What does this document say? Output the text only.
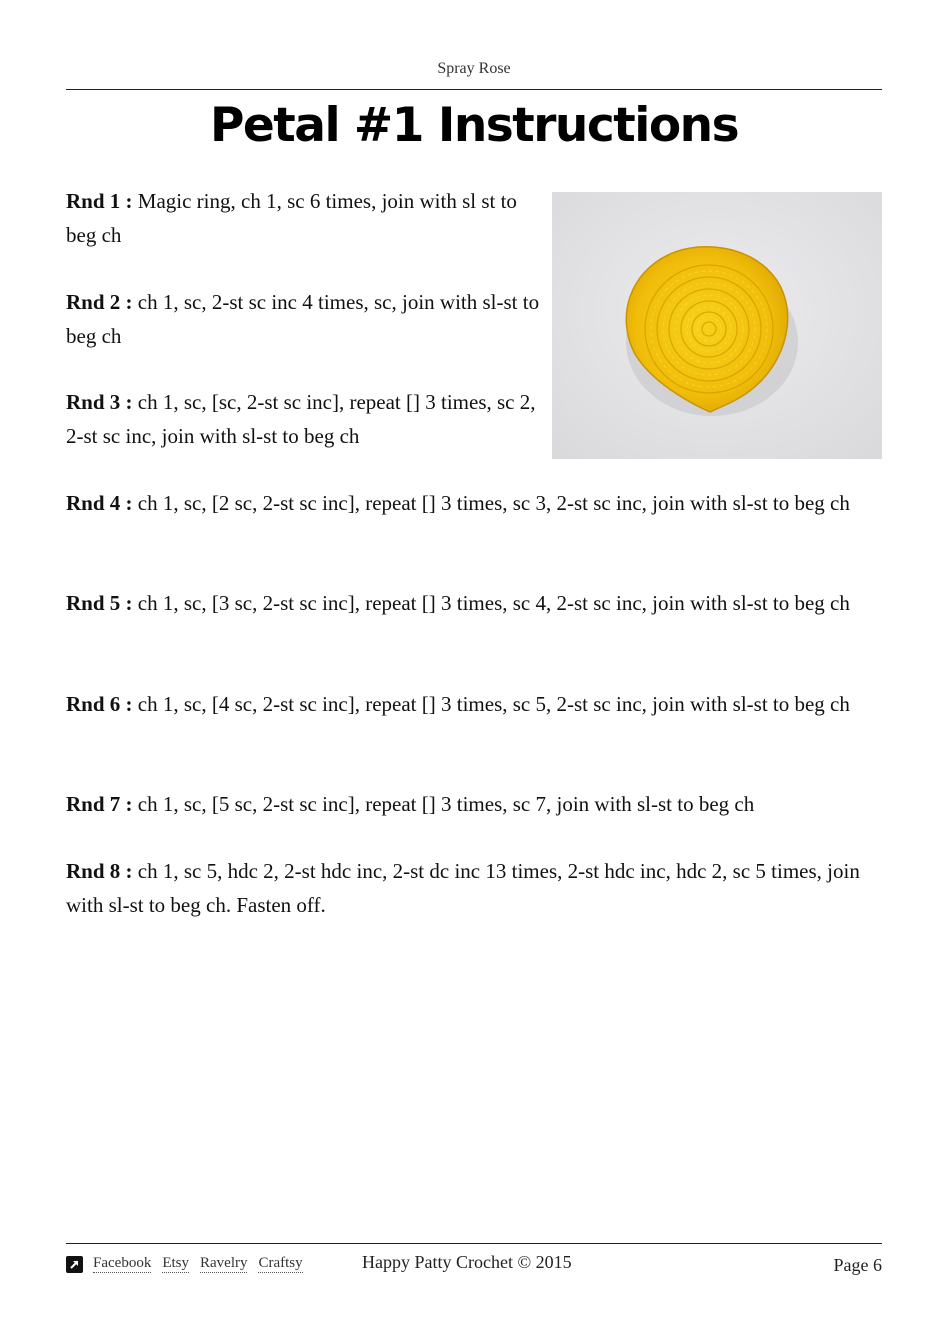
Spray Rose
Petal #1 Instructions

Rnd 1 : Magic ring, ch 1, sc 6 times, join with sl st to beg ch

Rnd 2 : ch 1, sc, 2-st sc inc 4 times, sc, join with sl-st to beg ch

Rnd 3 : ch 1, sc, [sc, 2-st sc inc], repeat [] 3 times, sc 2, 2-st sc inc, join with sl-st to beg ch

Rnd 4 : ch 1, sc, [2 sc, 2-st sc inc], repeat [] 3 times, sc 3, 2-st sc inc, join with sl-st to beg ch

Rnd 5 : ch 1, sc, [3 sc, 2-st sc inc], repeat [] 3 times, sc 4, 2-st sc inc, join with sl-st to beg ch

Rnd 6 : ch 1, sc, [4 sc, 2-st sc inc], repeat [] 3 times, sc 5, 2-st sc inc, join with sl-st to beg ch

Rnd 7 : ch 1, sc, [5 sc, 2-st sc inc], repeat [] 3 times, sc 7, join with sl-st to beg ch

Rnd 8 : ch 1, sc 5, hdc 2, 2-st hdc inc, 2-st dc inc 13 times, 2-st hdc inc, hdc 2, sc 5 times, join with sl-st to beg ch. Fasten off.

Facebook Etsy Ravelry Craftsy	Happy Patty Crochet © 2015	Page 6
